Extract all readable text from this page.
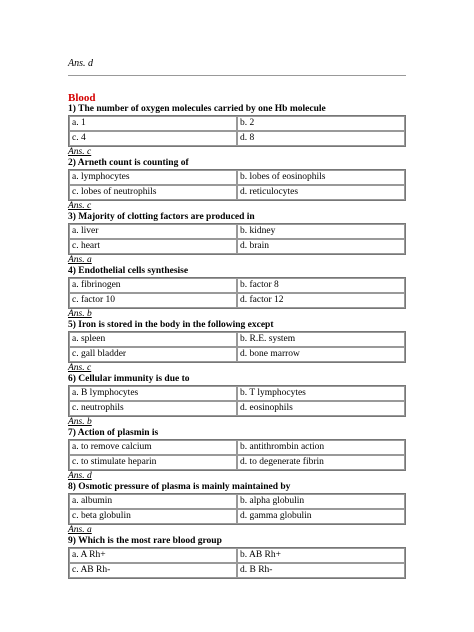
Ans. d
Blood
1) The number of oxygen molecules carried by one Hb molecule
a. 1	b. 2
c. 4	d. 8
Ans. c
2) Arneth count is counting of
a. lymphocytes	b. lobes of eosinophils
c. lobes of neutrophils	d. reticulocytes
Ans. c
3) Majority of clotting factors are produced in
a. liver	b. kidney
c. heart	d. brain
Ans. a
4) Endothelial cells synthesise
a. fibrinogen	b. factor 8
c. factor 10	d. factor 12
Ans. b
5) Iron is stored in the body in the following except
a. spleen	b. R.E. system
c. gall bladder	d. bone marrow
Ans. c
6) Cellular immunity is due to
a. B lymphocytes	b. T lymphocytes
c. neutrophils	d. eosinophils
Ans. b
7) Action of plasmin is
a. to remove calcium	b. antithrombin action
c. to stimulate heparin	d. to degenerate fibrin
Ans. d
8) Osmotic pressure of plasma is mainly maintained by
a. albumin	b. alpha globulin
c. beta globulin	d. gamma globulin
Ans. a
9) Which is the most rare blood group
a. A Rh+	b. AB Rh+
c. AB Rh-	d. B Rh-
